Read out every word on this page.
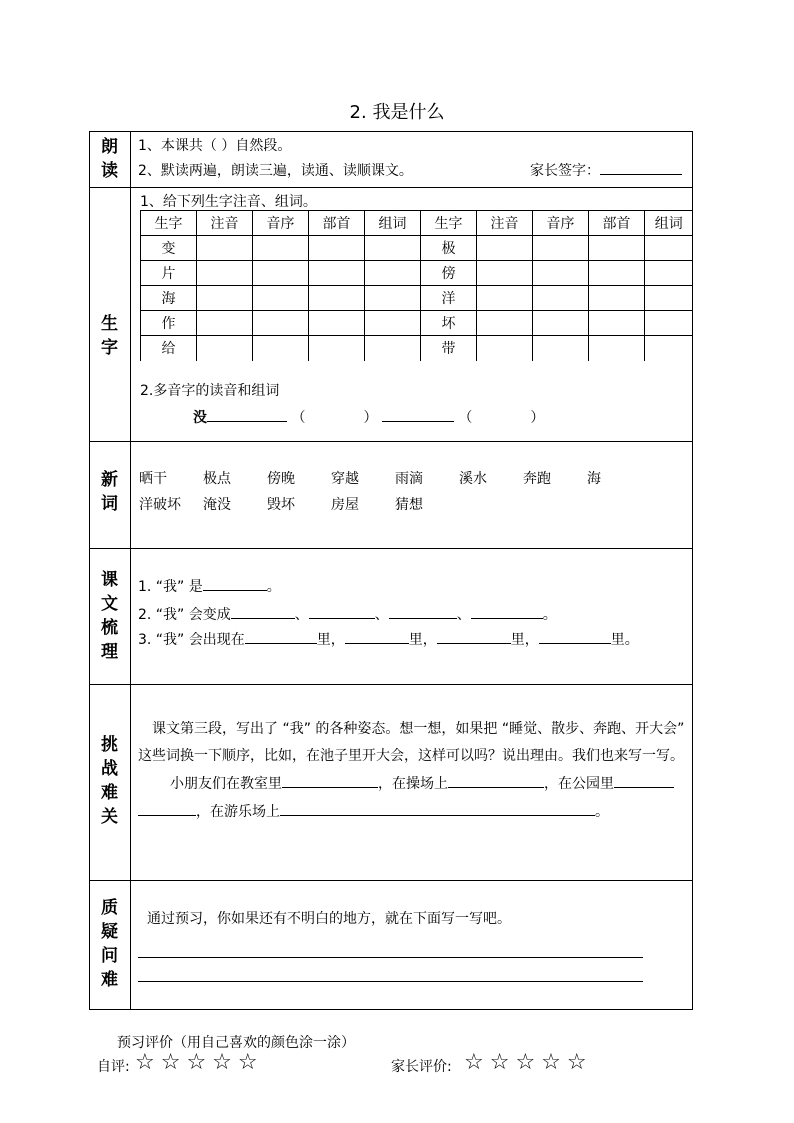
2. 我是什么
朗
读
1、本课共（ ）自然段。
2、默读两遍，朗读三遍，读通、读顺课文。	家长签字：
生
字
1、给下列生字注音、组词。
生字	注音	音序	部首	组词	生字	注音	音序	部首	组词
变					极				
片					傍				
海					洋				
作					坏				
给					带				
2.多音字的读音和组词
没	（	）	（	）
新
词
晒干	极点	傍晚	穿越	雨滴	溪水	奔跑	海
洋破坏 淹没	毁坏	房屋	猜想
课
文
梳
理
1. “我” 是	。
2. “我” 会变成	、	、	、	。
3. “我” 会出现在	里，	里，	里，	里。
挑
战
难
关
课文第三段，写出了 “我” 的各种姿态。想一想，如果把 “睡觉、散步、奔跑、开大会”
这些词换一下顺序，比如，在池子里开大会，这样可以吗？说出理由。我们也来写一写。
小朋友们在教室里	，在操场上	，在公园里
，在游乐场上	。
质
疑
问
难
通过预习，你如果还有不明白的地方，就在下面写一写吧。
预习评价（用自己喜欢的颜色涂一涂）
自评: ☆☆☆☆☆	家长评价: ☆☆☆☆☆
